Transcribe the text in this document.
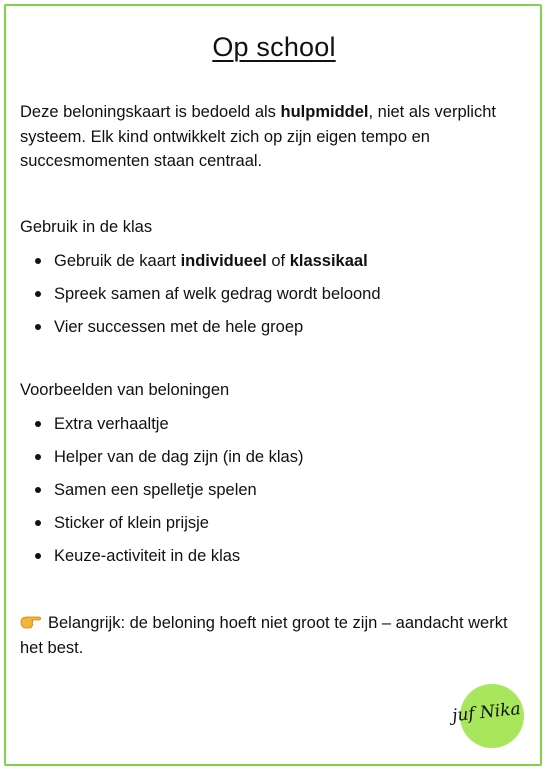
Op school

Deze beloningskaart is bedoeld als hulpmiddel, niet als verplicht systeem. Elk kind ontwikkelt zich op zijn eigen tempo en succesmomenten staan centraal.

Gebruik in de klas
Gebruik de kaart individueel of klassikaal
Spreek samen af welk gedrag wordt beloond
Vier successen met de hele groep
Voorbeelden van beloningen
Extra verhaaltje
Helper van de dag zijn (in de klas)
Samen een spelletje spelen
Sticker of klein prijsje
Keuze-activiteit in de klas

Belangrijk: de beloning hoeft niet groot te zijn – aandacht werkt het best.

juf Nika
